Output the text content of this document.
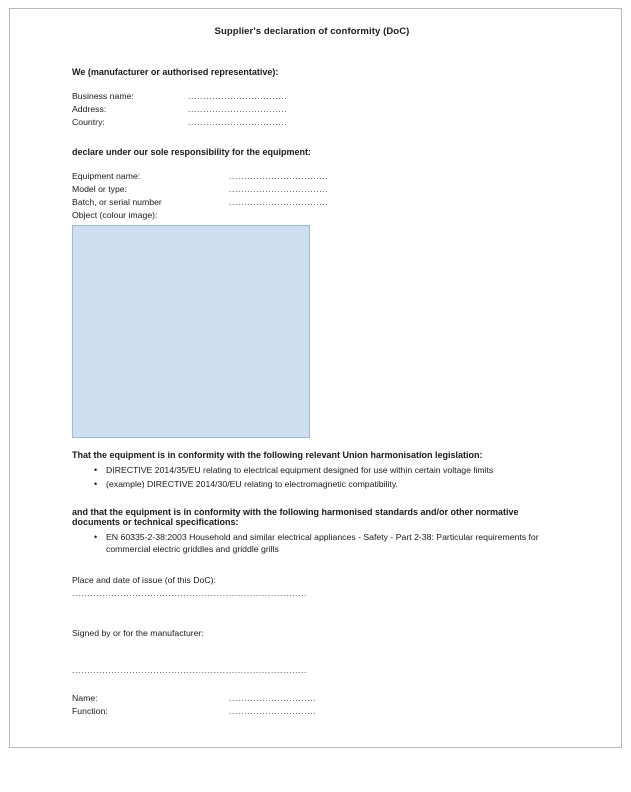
Supplier's declaration of conformity (DoC)
We (manufacturer or authorised representative):
Business name:	.................................
Address:	.................................
Country:	.................................
declare under our sole responsibility for the equipment:
Equipment name:	.................................
Model or type:	.................................
Batch, or serial number	.................................
Object (colour image):
That the equipment is in conformity with the following relevant Union harmonisation legislation:
• DIRECTIVE 2014/35/EU relating to electrical equipment designed for use within certain voltage limits
• (example) DIRECTIVE 2014/30/EU relating to electromagnetic compatibility.
and that the equipment is in conformity with the following harmonised standards and/or other normative documents or technical specifications:
• EN 60335-2-38:2003 Household and similar electrical appliances - Safety - Part 2-38: Particular requirements for commercial electric griddles and griddle grills
Place and date of issue (of this DoC):
..............................................................................
Signed by or for the manufacturer:
..............................................................................
Name:	.............................
Function:	.............................
